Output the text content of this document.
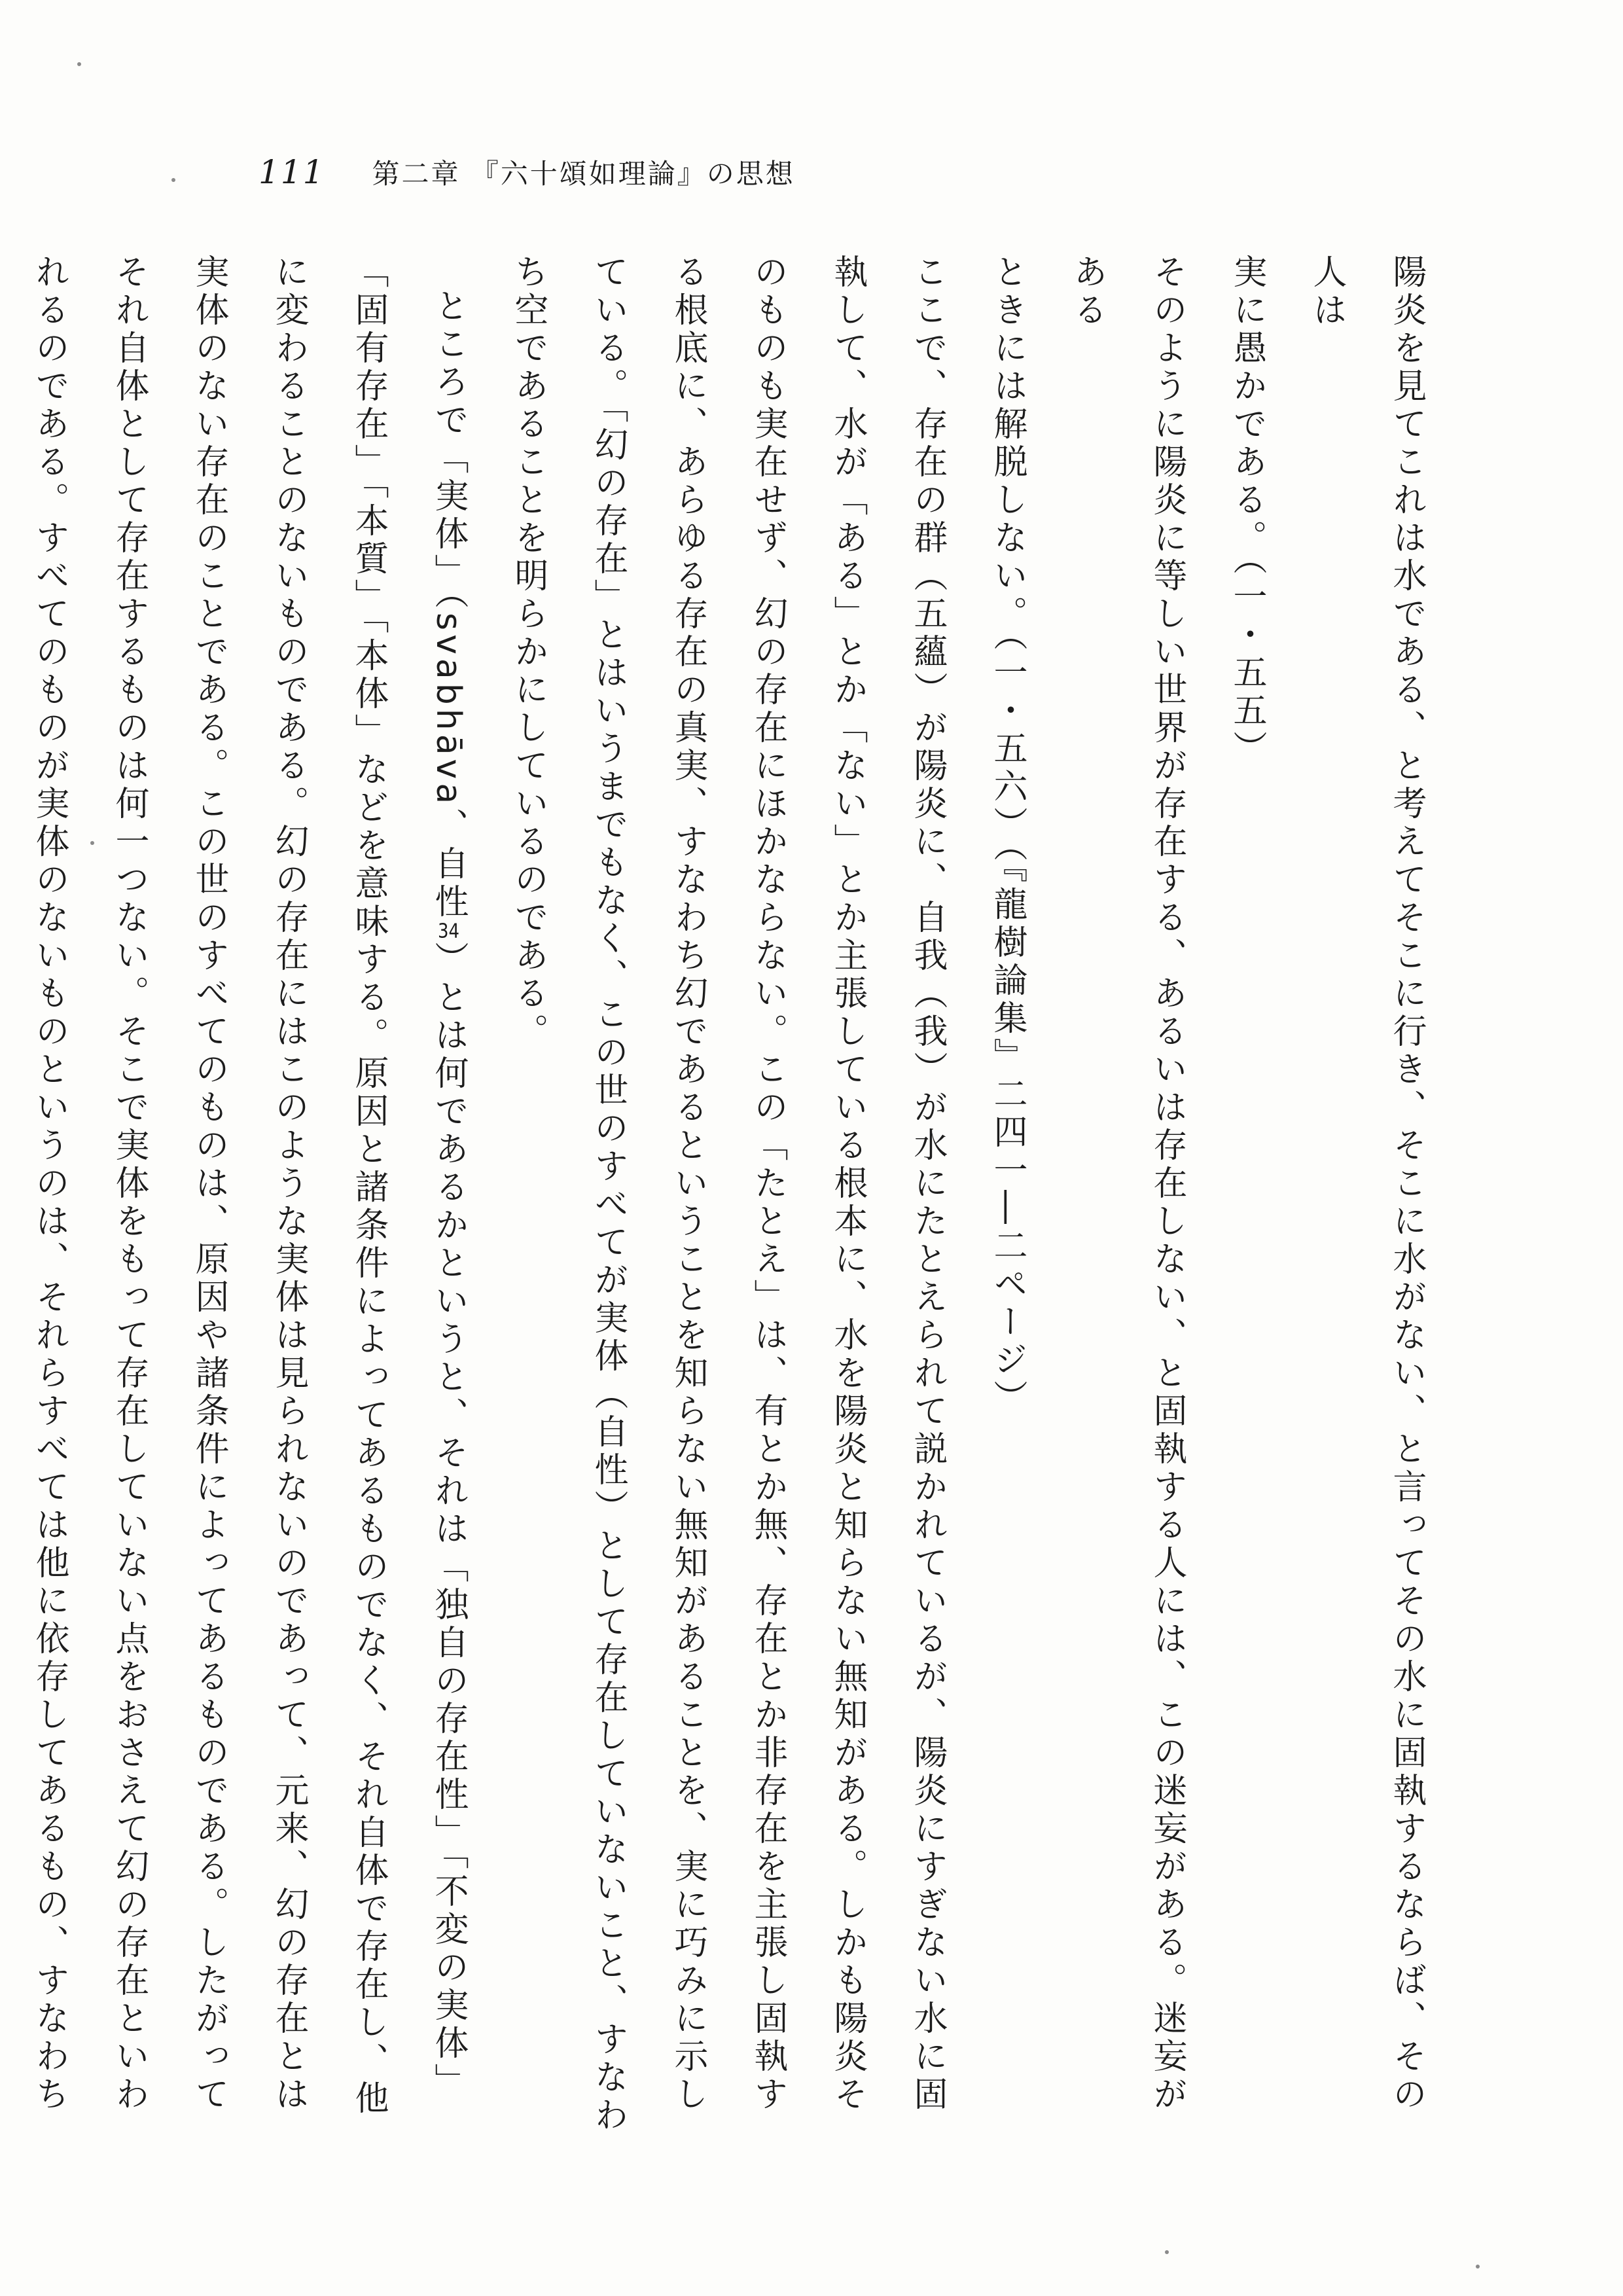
111 第二章 『六十頌如理論』の思想

陽炎を見てこれは水である、と考えてそこに行き、そこに水がない、と言ってその水に固執するならば、その人は

実に愚かである。（一・五五）

そのように陽炎に等しい世界が存在する、あるいは存在しない、と固執する人には、この迷妄がある。迷妄がある

ときには解脱しない。（一・五六）（『龍樹論集』二四一―二ページ）

ここで、存在の群（五蘊）が陽炎に、自我（我）が水にたとえられて説かれているが、陽炎にすぎない水に固執して、水が「ある」とか「ない」とか主張している根本に、水を陽炎と知らない無知がある。しかも陽炎そのものも実在せず、幻の存在にほかならない。この「たとえ」は、有とか無、存在とか非存在を主張し固執する根底に、あらゆる存在の真実、すなわち幻であるということを知らない無知があることを、実に巧みに示している。「幻の存在」とはいうまでもなく、この世のすべてが実体（自性）として存在していないこと、すなわち空であることを明らかにしているのである。

ところで「実体」（svabhāva、自性34）とは何であるかというと、それは「独自の存在性」「不変の実体」「固有存在」「本質」「本体」などを意味する。原因と諸条件によってあるものでなく、それ自体で存在し、他に変わることのないものである。幻の存在にはこのような実体は見られないのであって、元来、幻の存在とは実体のない存在のことである。この世のすべてのものは、原因や諸条件によってあるものである。したがってそれ自体として存在するものは何一つない。そこで実体をもって存在していない点をおさえて幻の存在といわれるのである。すべてのものが実体のないものというのは、それらすべては他に依存してあるもの、すなわち
